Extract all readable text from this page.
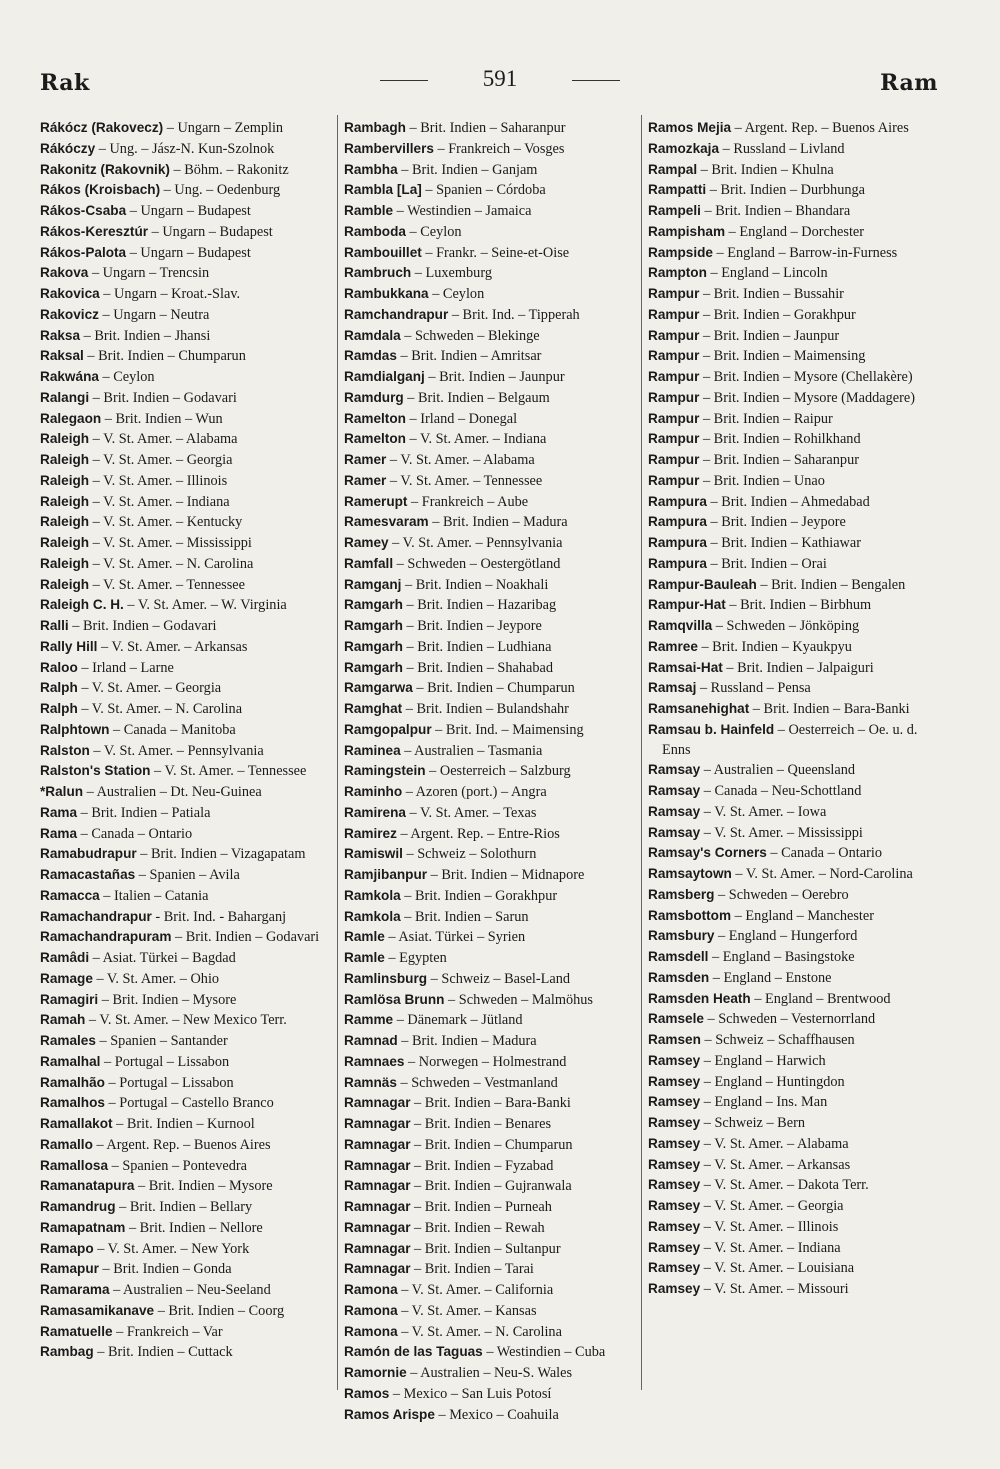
Rak	591	Ram
Rákócz (Rakovecz) – Ungarn – Zemplin
Rákóczy – Ung. – Jász-N. Kun-Szolnok
Rakonitz (Rakovnik) – Böhm. – Rakonitz
Rákos (Kroisbach) – Ung. – Oedenburg
Rákos-Csaba – Ungarn – Budapest
Rákos-Keresztúr – Ungarn – Budapest
Rákos-Palota – Ungarn – Budapest
Rakova – Ungarn – Trencsin
Rakovica – Ungarn – Kroat.-Slav.
Rakovicz – Ungarn – Neutra
Raksa – Brit. Indien – Jhansi
Raksal – Brit. Indien – Chumparun
Rakwána – Ceylon
Ralangi – Brit. Indien – Godavari
Ralegaon – Brit. Indien – Wun
Raleigh – V. St. Amer. – Alabama
Raleigh – V. St. Amer. – Georgia
Raleigh – V. St. Amer. – Illinois
Raleigh – V. St. Amer. – Indiana
Raleigh – V. St. Amer. – Kentucky
Raleigh – V. St. Amer. – Mississippi
Raleigh – V. St. Amer. – N. Carolina
Raleigh – V. St. Amer. – Tennessee
Raleigh C. H. – V. St. Amer. – W. Virginia
Ralli – Brit. Indien – Godavari
Rally Hill – V. St. Amer. – Arkansas
Raloo – Irland – Larne
Ralph – V. St. Amer. – Georgia
Ralph – V. St. Amer. – N. Carolina
Ralphtown – Canada – Manitoba
Ralston – V. St. Amer. – Pennsylvania
Ralston's Station – V. St. Amer. – Tennessee
*Ralun – Australien – Dt. Neu-Guinea
Rama – Brit. Indien – Patiala
Rama – Canada – Ontario
Ramabudrapur – Brit. Indien – Vizagapatam
Ramacastañas – Spanien – Avila
Ramacca – Italien – Catania
Ramachandrapur - Brit. Ind. - Baharganj
Ramachandrapuram – Brit. Indien – Godavari
Ramâdi – Asiat. Türkei – Bagdad
Ramage – V. St. Amer. – Ohio
Ramagiri – Brit. Indien – Mysore
Ramah – V. St. Amer. – New Mexico Terr.
Ramales – Spanien – Santander
Ramalhal – Portugal – Lissabon
Ramalhão – Portugal – Lissabon
Ramalhos – Portugal – Castello Branco
Ramallakot – Brit. Indien – Kurnool
Ramallo – Argent. Rep. – Buenos Aires
Ramallosa – Spanien – Pontevedra
Ramanatapura – Brit. Indien – Mysore
Ramandrug – Brit. Indien – Bellary
Ramapatnam – Brit. Indien – Nellore
Ramapo – V. St. Amer. – New York
Ramapur – Brit. Indien – Gonda
Ramarama – Australien – Neu-Seeland
Ramasamikanave – Brit. Indien – Coorg
Ramatuelle – Frankreich – Var
Rambag – Brit. Indien – Cuttack
Rambagh – Brit. Indien – Saharanpur
Rambervillers – Frankreich – Vosges
Rambha – Brit. Indien – Ganjam
Rambla [La] – Spanien – Córdoba
Ramble – Westindien – Jamaica
Ramboda – Ceylon
Rambouillet – Frankr. – Seine-et-Oise
Rambruch – Luxemburg
Rambukkana – Ceylon
Ramchandrapur – Brit. Ind. – Tipperah
Ramdala – Schweden – Blekinge
Ramdas – Brit. Indien – Amritsar
Ramdialganj – Brit. Indien – Jaunpur
Ramdurg – Brit. Indien – Belgaum
Ramelton – Irland – Donegal
Ramelton – V. St. Amer. – Indiana
Ramer – V. St. Amer. – Alabama
Ramer – V. St. Amer. – Tennessee
Ramerupt – Frankreich – Aube
Ramesvaram – Brit. Indien – Madura
Ramey – V. St. Amer. – Pennsylvania
Ramfall – Schweden – Oestergötland
Ramganj – Brit. Indien – Noakhali
Ramgarh – Brit. Indien – Hazaribag
Ramgarh – Brit. Indien – Jeypore
Ramgarh – Brit. Indien – Ludhiana
Ramgarh – Brit. Indien – Shahabad
Ramgarwa – Brit. Indien – Chumparun
Ramghat – Brit. Indien – Bulandshahr
Ramgopalpur – Brit. Ind. – Maimensing
Raminea – Australien – Tasmania
Ramingstein – Oesterreich – Salzburg
Raminho – Azoren (port.) – Angra
Ramirena – V. St. Amer. – Texas
Ramirez – Argent. Rep. – Entre-Rios
Ramiswil – Schweiz – Solothurn
Ramjibanpur – Brit. Indien – Midnapore
Ramkola – Brit. Indien – Gorakhpur
Ramkola – Brit. Indien – Sarun
Ramle – Asiat. Türkei – Syrien
Ramle – Egypten
Ramlinsburg – Schweiz – Basel-Land
Ramlösa Brunn – Schweden – Malmöhus
Ramme – Dänemark – Jütland
Ramnad – Brit. Indien – Madura
Ramnaes – Norwegen – Holmestrand
Ramnäs – Schweden – Vestmanland
Ramnagar – Brit. Indien – Bara-Banki
Ramnagar – Brit. Indien – Benares
Ramnagar – Brit. Indien – Chumparun
Ramnagar – Brit. Indien – Fyzabad
Ramnagar – Brit. Indien – Gujranwala
Ramnagar – Brit. Indien – Purneah
Ramnagar – Brit. Indien – Rewah
Ramnagar – Brit. Indien – Sultanpur
Ramnagar – Brit. Indien – Tarai
Ramona – V. St. Amer. – California
Ramona – V. St. Amer. – Kansas
Ramona – V. St. Amer. – N. Carolina
Ramón de las Taguas – Westindien – Cuba
Ramornie – Australien – Neu-S. Wales
Ramos – Mexico – San Luis Potosí
Ramos Arispe – Mexico – Coahuila
Ramos Mejia – Argent. Rep. – Buenos Aires
Ramozkaja – Russland – Livland
Rampal – Brit. Indien – Khulna
Rampatti – Brit. Indien – Durbhunga
Rampeli – Brit. Indien – Bhandara
Rampisham – England – Dorchester
Rampside – England – Barrow-in-Furness
Rampton – England – Lincoln
Rampur – Brit. Indien – Bussahir
Rampur – Brit. Indien – Gorakhpur
Rampur – Brit. Indien – Jaunpur
Rampur – Brit. Indien – Maimensing
Rampur – Brit. Indien – Mysore (Chellakère)
Rampur – Brit. Indien – Mysore (Maddagere)
Rampur – Brit. Indien – Raipur
Rampur – Brit. Indien – Rohilkhand
Rampur – Brit. Indien – Saharanpur
Rampur – Brit. Indien – Unao
Rampura – Brit. Indien – Ahmedabad
Rampura – Brit. Indien – Jeypore
Rampura – Brit. Indien – Kathiawar
Rampura – Brit. Indien – Orai
Rampur-Bauleah – Brit. Indien – Bengalen
Rampur-Hat – Brit. Indien – Birbhum
Ramqvilla – Schweden – Jönköping
Ramree – Brit. Indien – Kyaukpyu
Ramsai-Hat – Brit. Indien – Jalpaiguri
Ramsaj – Russland – Pensa
Ramsanehighat – Brit. Indien – Bara-Banki
Ramsau b. Hainfeld – Oesterreich – Oe. u. d. Enns
Ramsay – Australien – Queensland
Ramsay – Canada – Neu-Schottland
Ramsay – V. St. Amer. – Iowa
Ramsay – V. St. Amer. – Mississippi
Ramsay's Corners – Canada – Ontario
Ramsaytown – V. St. Amer. – Nord-Carolina
Ramsberg – Schweden – Oerebro
Ramsbottom – England – Manchester
Ramsbury – England – Hungerford
Ramsdell – England – Basingstoke
Ramsden – England – Enstone
Ramsden Heath – England – Brentwood
Ramsele – Schweden – Vesternorrland
Ramsen – Schweiz – Schaffhausen
Ramsey – England – Harwich
Ramsey – England – Huntingdon
Ramsey – England – Ins. Man
Ramsey – Schweiz – Bern
Ramsey – V. St. Amer. – Alabama
Ramsey – V. St. Amer. – Arkansas
Ramsey – V. St. Amer. – Dakota Terr.
Ramsey – V. St. Amer. – Georgia
Ramsey – V. St. Amer. – Illinois
Ramsey – V. St. Amer. – Indiana
Ramsey – V. St. Amer. – Louisiana
Ramsey – V. St. Amer. – Missouri
